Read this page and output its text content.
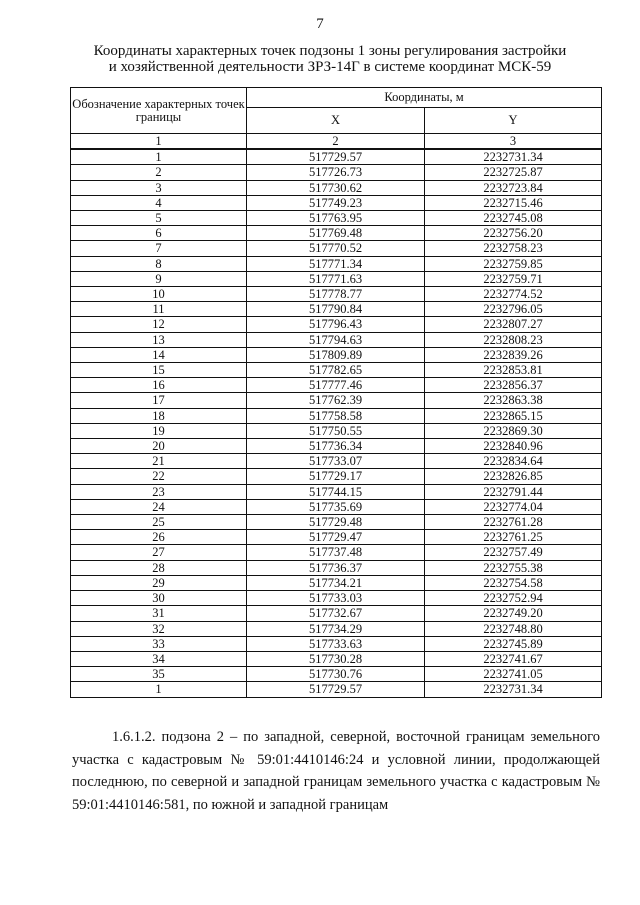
7
Координаты характерных точек подзоны 1 зоны регулирования застройки
и хозяйственной деятельности ЗРЗ-14Г в системе координат МСК-59
Обозначение характерных точек границы	Координаты, м	
	X	Y
1	2	3
1	517729.57	2232731.34
2	517726.73	2232725.87
3	517730.62	2232723.84
4	517749.23	2232715.46
5	517763.95	2232745.08
6	517769.48	2232756.20
7	517770.52	2232758.23
8	517771.34	2232759.85
9	517771.63	2232759.71
10	517778.77	2232774.52
11	517790.84	2232796.05
12	517796.43	2232807.27
13	517794.63	2232808.23
14	517809.89	2232839.26
15	517782.65	2232853.81
16	517777.46	2232856.37
17	517762.39	2232863.38
18	517758.58	2232865.15
19	517750.55	2232869.30
20	517736.34	2232840.96
21	517733.07	2232834.64
22	517729.17	2232826.85
23	517744.15	2232791.44
24	517735.69	2232774.04
25	517729.48	2232761.28
26	517729.47	2232761.25
27	517737.48	2232757.49
28	517736.37	2232755.38
29	517734.21	2232754.58
30	517733.03	2232752.94
31	517732.67	2232749.20
32	517734.29	2232748.80
33	517733.63	2232745.89
34	517730.28	2232741.67
35	517730.76	2232741.05
1	517729.57	2232731.34
1.6.1.2. подзона 2 – по западной, северной, восточной границам земельного участка с кадастровым № 59:01:4410146:24 и условной линии, продолжающей последнюю, по северной и западной границам земельного участка с кадастровым № 59:01:4410146:581, по южной и западной границам
